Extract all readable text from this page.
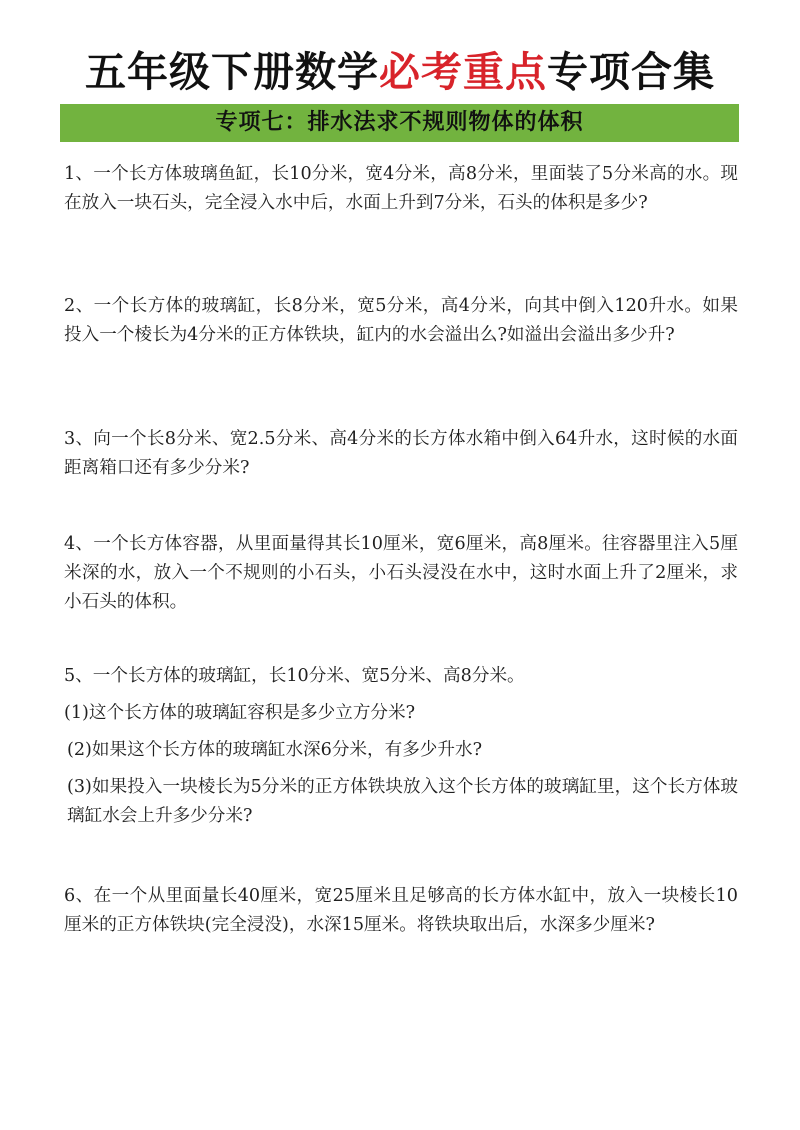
五年级下册数学必考重点专项合集
专项七：排水法求不规则物体的体积

1、一个长方体玻璃鱼缸，长10分米，宽4分米，高8分米，里面装了5分米高的水。现在放入一块石头，完全浸入水中后，水面上升到7分米，石头的体积是多少?

2、一个长方体的玻璃缸，长8分米，宽5分米，高4分米，向其中倒入120升水。如果投入一个棱长为4分米的正方体铁块，缸内的水会溢出么?如溢出会溢出多少升?

3、向一个长8分米、宽2.5分米、高4分米的长方体水箱中倒入64升水，这时候的水面距离箱口还有多少分米?

4、一个长方体容器，从里面量得其长10厘米，宽6厘米，高8厘米。往容器里注入5厘米深的水，放入一个不规则的小石头，小石头浸没在水中，这时水面上升了2厘米，求小石头的体积。

5、一个长方体的玻璃缸，长10分米、宽5分米、高8分米。

(1)这个长方体的玻璃缸容积是多少立方分米?

(2)如果这个长方体的玻璃缸水深6分米，有多少升水?

(3)如果投入一块棱长为5分米的正方体铁块放入这个长方体的玻璃缸里，这个长方体玻璃缸水会上升多少分米?

6、在一个从里面量长40厘米，宽25厘米且足够高的长方体水缸中，放入一块棱长10厘米的正方体铁块(完全浸没)，水深15厘米。将铁块取出后，水深多少厘米?
